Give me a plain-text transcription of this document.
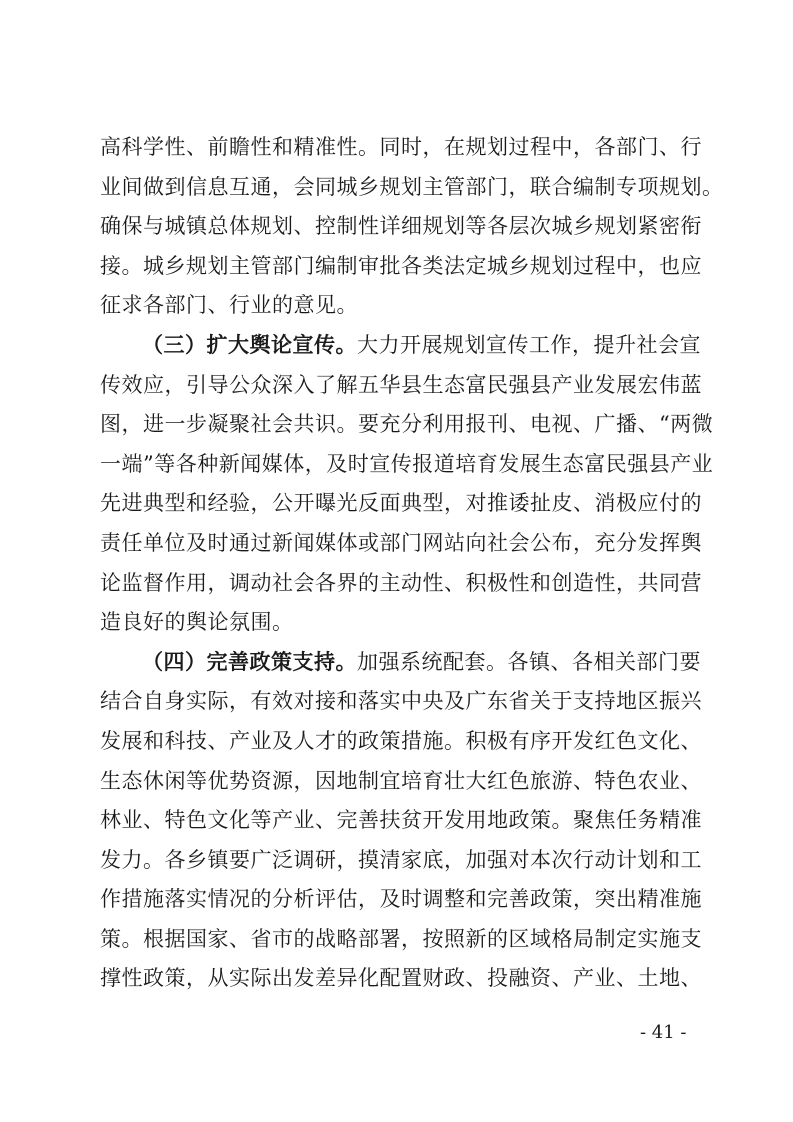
高科学性、前瞻性和精准性。同时，在规划过程中，各部门、行
业间做到信息互通，会同城乡规划主管部门，联合编制专项规划。
确保与城镇总体规划、控制性详细规划等各层次城乡规划紧密衔
接。城乡规划主管部门编制审批各类法定城乡规划过程中，也应
征求各部门、行业的意见。
（三）扩大舆论宣传。大力开展规划宣传工作，提升社会宣
传效应，引导公众深入了解五华县生态富民强县产业发展宏伟蓝
图，进一步凝聚社会共识。要充分利用报刊、电视、广播、“两微
一端”等各种新闻媒体，及时宣传报道培育发展生态富民强县产业
先进典型和经验，公开曝光反面典型，对推诿扯皮、消极应付的
责任单位及时通过新闻媒体或部门网站向社会公布，充分发挥舆
论监督作用，调动社会各界的主动性、积极性和创造性，共同营
造良好的舆论氛围。
（四）完善政策支持。加强系统配套。各镇、各相关部门要
结合自身实际，有效对接和落实中央及广东省关于支持地区振兴
发展和科技、产业及人才的政策措施。积极有序开发红色文化、
生态休闲等优势资源，因地制宜培育壮大红色旅游、特色农业、
林业、特色文化等产业、完善扶贫开发用地政策。聚焦任务精准
发力。各乡镇要广泛调研，摸清家底，加强对本次行动计划和工
作措施落实情况的分析评估，及时调整和完善政策，突出精准施
策。根据国家、省市的战略部署，按照新的区域格局制定实施支
撑性政策，从实际出发差异化配置财政、投融资、产业、土地、
- 41 -
